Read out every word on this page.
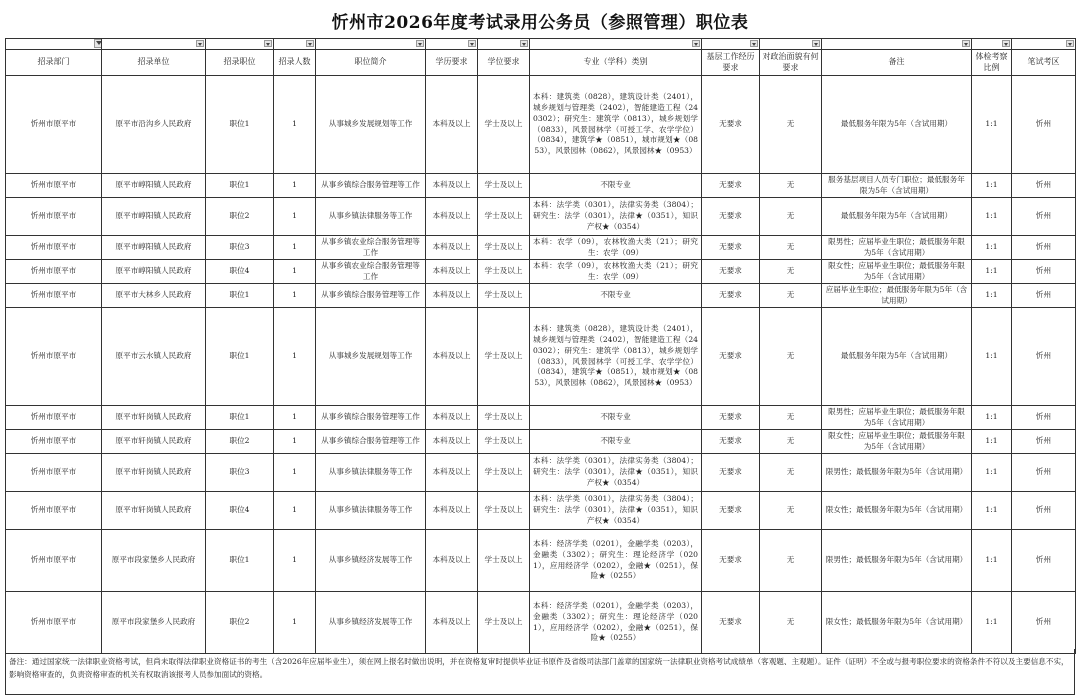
忻州市2026年度考试录用公务员（参照管理）职位表

招录部门	招录单位	招录职位	招录人数	职位简介	学历要求	学位要求	专业（学科）类别	基层工作经历要求	对政治面貌有何要求	备注	体检考察比例	笔试考区
忻州市原平市	原平市沿沟乡人民政府	职位1	1	从事城乡发展规划等工作	本科及以上	学士及以上	本科：建筑类（0828），建筑设计类（2401），城乡规划与管理类（2402），智能建造工程（240302）；研究生：建筑学（0813），城乡规划学（0833），风景园林学（可授工学、农学学位）（0834），建筑学★（0851），城市规划★（0853），风景园林（0862），风景园林★（0953）	无要求	无	最低服务年限为5年（含试用期）	1:1	忻州
忻州市原平市	原平市崞阳镇人民政府	职位1	1	从事乡镇综合服务管理等工作	本科及以上	学士及以上	不限专业	无要求	无	服务基层项目人员专门职位；最低服务年限为5年（含试用期）	1:1	忻州
忻州市原平市	原平市崞阳镇人民政府	职位2	1	从事乡镇法律服务等工作	本科及以上	学士及以上	本科：法学类（0301），法律实务类（3804）；研究生：法学（0301），法律★（0351），知识产权★（0354）	无要求	无	最低服务年限为5年（含试用期）	1:1	忻州
忻州市原平市	原平市崞阳镇人民政府	职位3	1	从事乡镇农业综合服务管理等工作	本科及以上	学士及以上	本科：农学（09），农林牧渔大类（21）；研究生：农学（09）	无要求	无	限男性；应届毕业生职位；最低服务年限为5年（含试用期）	1:1	忻州
忻州市原平市	原平市崞阳镇人民政府	职位4	1	从事乡镇农业综合服务管理等工作	本科及以上	学士及以上	本科：农学（09），农林牧渔大类（21）；研究生：农学（09）	无要求	无	限女性；应届毕业生职位；最低服务年限为5年（含试用期）	1:1	忻州
忻州市原平市	原平市大林乡人民政府	职位1	1	从事乡镇综合服务管理等工作	本科及以上	学士及以上	不限专业	无要求	无	应届毕业生职位；最低服务年限为5年（含试用期）	1:1	忻州
忻州市原平市	原平市云水镇人民政府	职位1	1	从事城乡发展规划等工作	本科及以上	学士及以上	本科：建筑类（0828），建筑设计类（2401），城乡规划与管理类（2402），智能建造工程（240302）；研究生：建筑学（0813），城乡规划学（0833），风景园林学（可授工学、农学学位）（0834），建筑学★（0851），城市规划★（0853），风景园林（0862），风景园林★（0953）	无要求	无	最低服务年限为5年（含试用期）	1:1	忻州
忻州市原平市	原平市轩岗镇人民政府	职位1	1	从事乡镇综合服务管理等工作	本科及以上	学士及以上	不限专业	无要求	无	限男性；应届毕业生职位；最低服务年限为5年（含试用期）	1:1	忻州
忻州市原平市	原平市轩岗镇人民政府	职位2	1	从事乡镇综合服务管理等工作	本科及以上	学士及以上	不限专业	无要求	无	限女性；应届毕业生职位；最低服务年限为5年（含试用期）	1:1	忻州
忻州市原平市	原平市轩岗镇人民政府	职位3	1	从事乡镇法律服务等工作	本科及以上	学士及以上	本科：法学类（0301），法律实务类（3804）；研究生：法学（0301），法律★（0351），知识产权★（0354）	无要求	无	限男性；最低服务年限为5年（含试用期）	1:1	忻州
忻州市原平市	原平市轩岗镇人民政府	职位4	1	从事乡镇法律服务等工作	本科及以上	学士及以上	本科：法学类（0301），法律实务类（3804）；研究生：法学（0301），法律★（0351），知识产权★（0354）	无要求	无	限女性；最低服务年限为5年（含试用期）	1:1	忻州
忻州市原平市	原平市段家堡乡人民政府	职位1	1	从事乡镇经济发展等工作	本科及以上	学士及以上	本科：经济学类（0201），金融学类（0203），金融类（3302）；研究生：理论经济学（0201），应用经济学（0202），金融★（0251），保险★（0255）	无要求	无	限男性；最低服务年限为5年（含试用期）	1:1	忻州
忻州市原平市	原平市段家堡乡人民政府	职位2	1	从事乡镇经济发展等工作	本科及以上	学士及以上	本科：经济学类（0201），金融学类（0203），金融类（3302）；研究生：理论经济学（0201），应用经济学（0202），金融★（0251），保险★（0255）	无要求	无	限女性；最低服务年限为5年（含试用期）	1:1	忻州
备注：通过国家统一法律职业资格考试，但尚未取得法律职业资格证书的考生（含2026年应届毕业生），须在网上报名时做出说明，并在资格复审时提供毕业证书原件及省级司法部门盖章的国家统一法律职业资格考试成绩单（客观题、主观题）。证件（证明）不全或与报考职位要求的资格条件不符以及主要信息不实，影响资格审查的，负责资格审查的机关有权取消该报考人员参加面试的资格。
